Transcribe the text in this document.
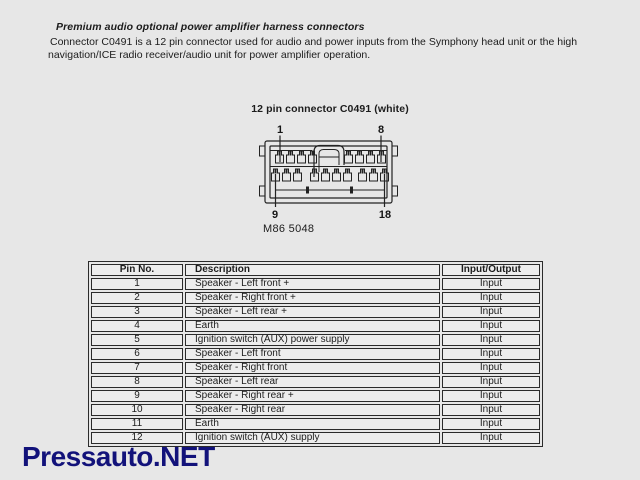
Premium audio optional power amplifier harness connectors
Connector C0491 is a 12 pin connector used for audio and power inputs from the Symphony head unit or the high
navigation/ICE radio receiver/audio unit for power amplifier operation.
12 pin connector C0491 (white)
1	8
9	18
M86 5048
Pin No.	Description	Input/Output
1	Speaker - Left front +	Input
2	Speaker - Right front +	Input
3	Speaker - Left rear +	Input
4	Earth	Input
5	Ignition switch (AUX) power supply	Input
6	Speaker - Left front	Input
7	Speaker - Right front	Input
8	Speaker - Left rear	Input
9	Speaker - Right rear +	Input
10	Speaker - Right rear	Input
11	Earth	Input
12	Ignition switch (AUX) supply	Input
Pressauto.NET
